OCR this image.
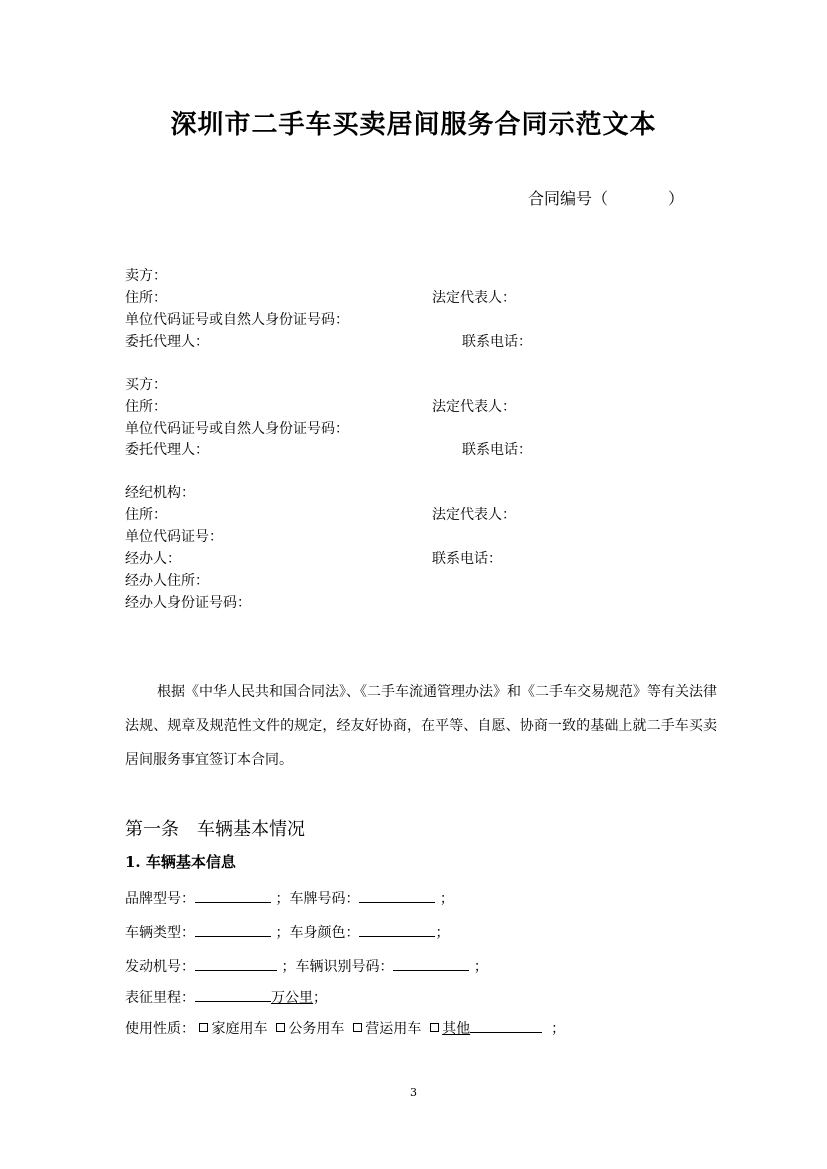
深圳市二手车买卖居间服务合同示范文本
合同编号（	）
卖方：
住所：	法定代表人：
单位代码证号或自然人身份证号码：
委托代理人：	联系电话：
买方：
住所：	法定代表人：
单位代码证号或自然人身份证号码：
委托代理人：	联系电话：
经纪机构：
住所：	法定代表人：
单位代码证号：
经办人：	联系电话：
经办人住所：
经办人身份证号码：
根据《中华人民共和国合同法》、《二手车流通管理办法》和《二手车交易规范》等有关法律法规、规章及规范性文件的规定，经友好协商，在平等、自愿、协商一致的基础上就二手车买卖居间服务事宜签订本合同。
第一条　车辆基本情况
1. 车辆基本信息
品牌型号：	；车牌号码：	；
车辆类型：	；车身颜色：	；
发动机号：	；车辆识别号码：	；
表征里程：	万公里；
使用性质： 家庭用车 公务用车 营运用车 其他	；
3
